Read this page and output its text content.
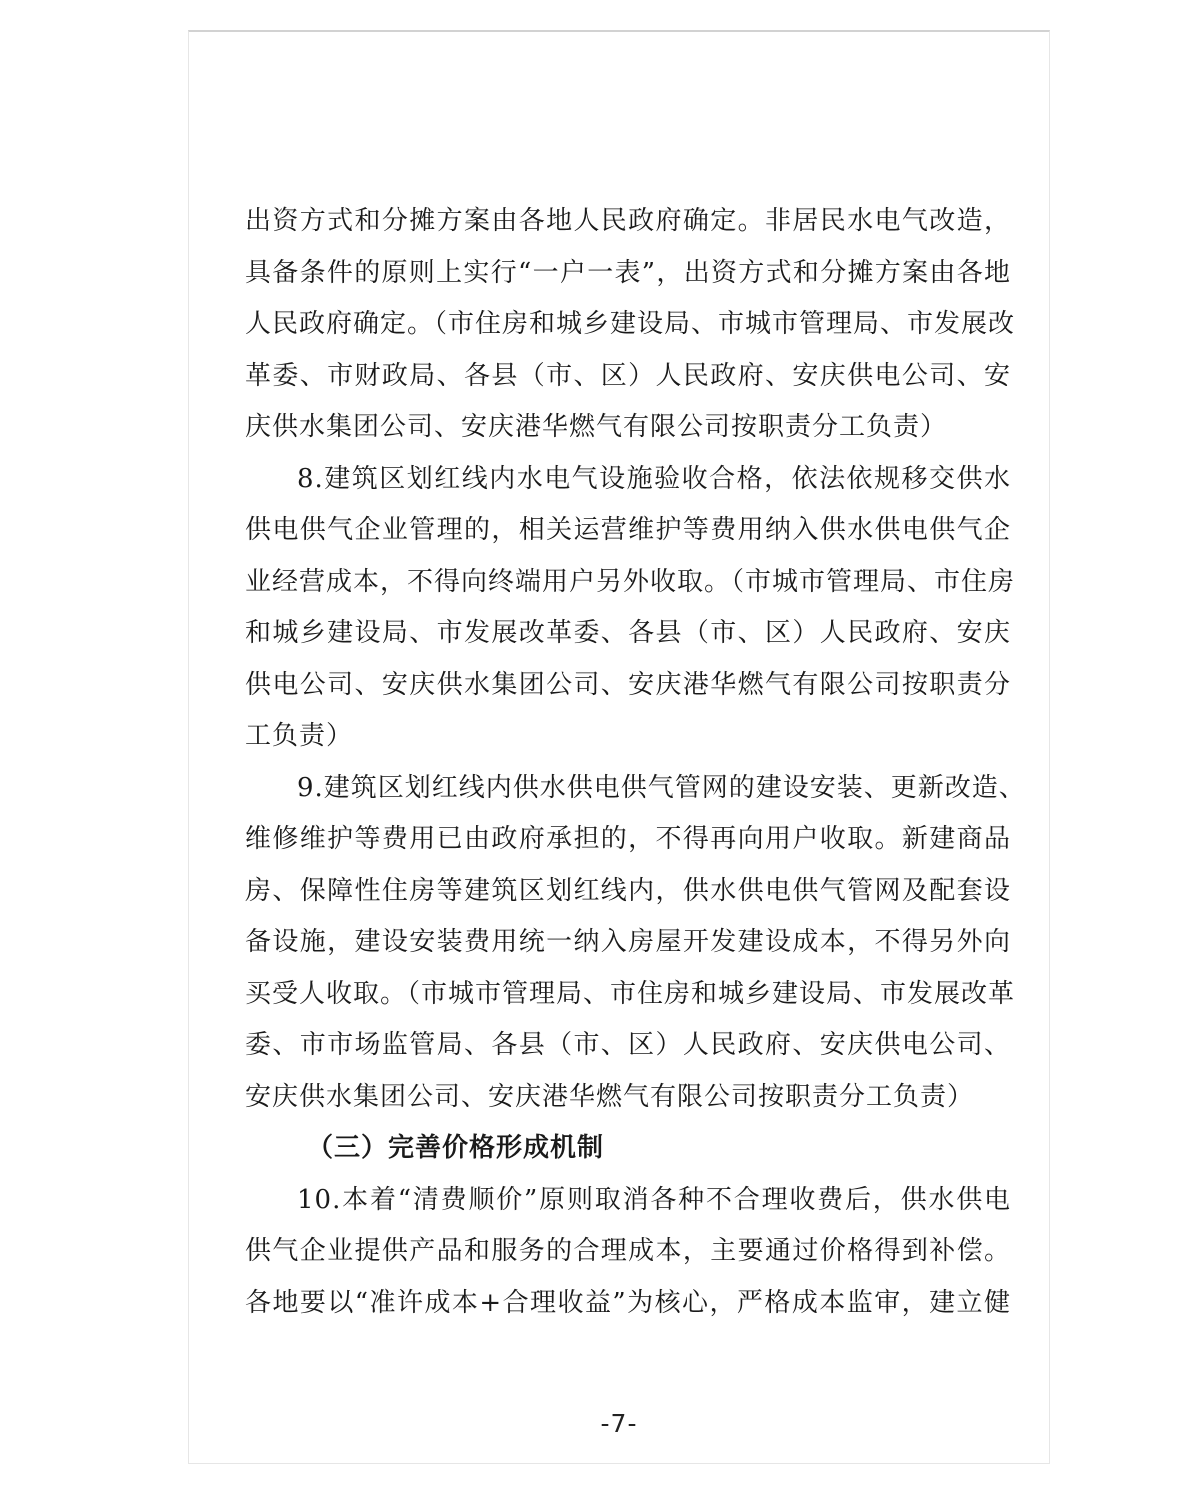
出资方式和分摊方案由各地人民政府确定。非居民水电气改造，
具备条件的原则上实行“一户一表”，出资方式和分摊方案由各地
人民政府确定。（市住房和城乡建设局、市城市管理局、市发展改
革委、市财政局、各县（市、区）人民政府、安庆供电公司、安
庆供水集团公司、安庆港华燃气有限公司按职责分工负责）
8.建筑区划红线内水电气设施验收合格，依法依规移交供水
供电供气企业管理的，相关运营维护等费用纳入供水供电供气企
业经营成本，不得向终端用户另外收取。（市城市管理局、市住房
和城乡建设局、市发展改革委、各县（市、区）人民政府、安庆
供电公司、安庆供水集团公司、安庆港华燃气有限公司按职责分
工负责）
9.建筑区划红线内供水供电供气管网的建设安装、更新改造、
维修维护等费用已由政府承担的，不得再向用户收取。新建商品
房、保障性住房等建筑区划红线内，供水供电供气管网及配套设
备设施，建设安装费用统一纳入房屋开发建设成本，不得另外向
买受人收取。（市城市管理局、市住房和城乡建设局、市发展改革
委、市市场监管局、各县（市、区）人民政府、安庆供电公司、
安庆供水集团公司、安庆港华燃气有限公司按职责分工负责）
（三）完善价格形成机制
10.本着“清费顺价”原则取消各种不合理收费后，供水供电
供气企业提供产品和服务的合理成本，主要通过价格得到补偿。
各地要以“准许成本+合理收益”为核心，严格成本监审，建立健
-7-
